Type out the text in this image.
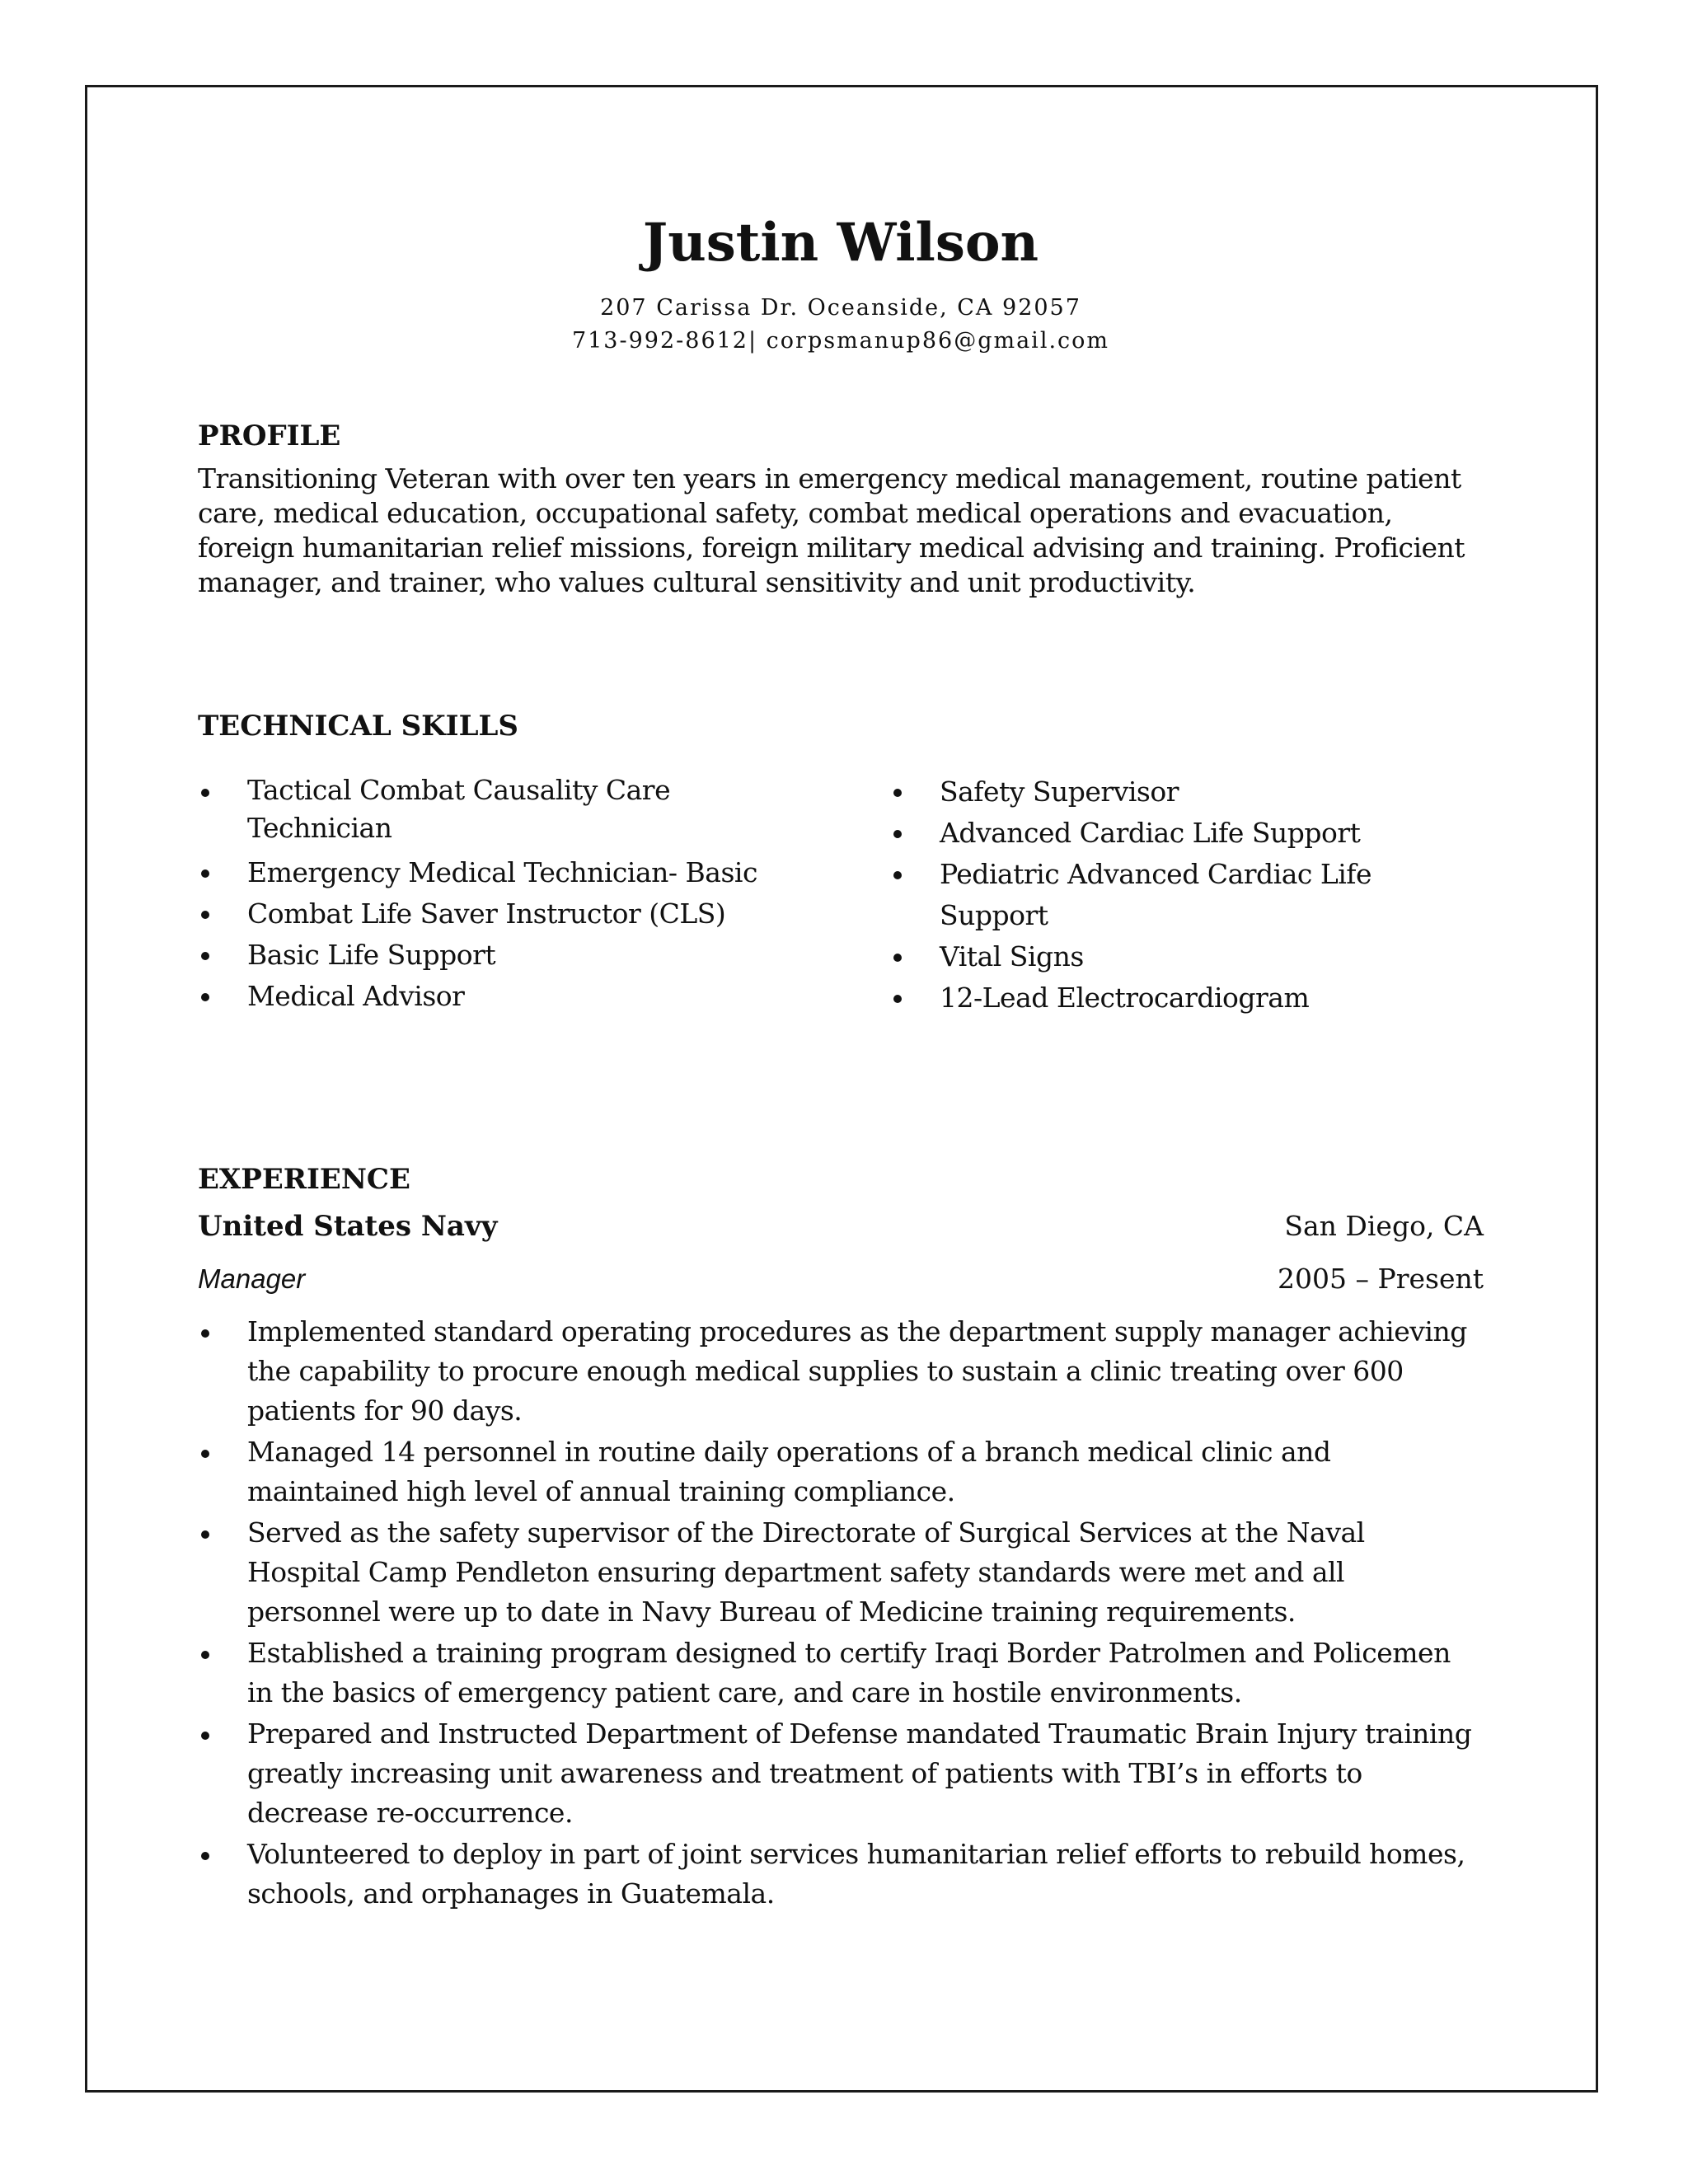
Justin Wilson

207 Carissa Dr. Oceanside, CA 92057

713-992-8612| corpsmanup86@gmail.com

PROFILE

Transitioning Veteran with over ten years in emergency medical management, routine patient care, medical education, occupational safety, combat medical operations and evacuation, foreign humanitarian relief missions, foreign military medical advising and training. Proficient manager, and trainer, who values cultural sensitivity and unit productivity.

TECHNICAL SKILLS
Tactical Combat Causality Care Technician
Emergency Medical Technician- Basic
Combat Life Saver Instructor (CLS)
Basic Life Support
Medical Advisor
Safety Supervisor
Advanced Cardiac Life Support
Pediatric Advanced Cardiac Life Support
Vital Signs
12-Lead Electrocardiogram
EXPERIENCE
United States Navy	San Diego, CA
Manager	2005 – Present
Implemented standard operating procedures as the department supply manager achieving the capability to procure enough medical supplies to sustain a clinic treating over 600 patients for 90 days.
Managed 14 personnel in routine daily operations of a branch medical clinic and maintained high level of annual training compliance.
Served as the safety supervisor of the Directorate of Surgical Services at the Naval Hospital Camp Pendleton ensuring department safety standards were met and all personnel were up to date in Navy Bureau of Medicine training requirements.
Established a training program designed to certify Iraqi Border Patrolmen and Policemen in the basics of emergency patient care, and care in hostile environments.
Prepared and Instructed Department of Defense mandated Traumatic Brain Injury training greatly increasing unit awareness and treatment of patients with TBI’s in efforts to decrease re-occurrence.
Volunteered to deploy in part of joint services humanitarian relief efforts to rebuild homes, schools, and orphanages in Guatemala.
